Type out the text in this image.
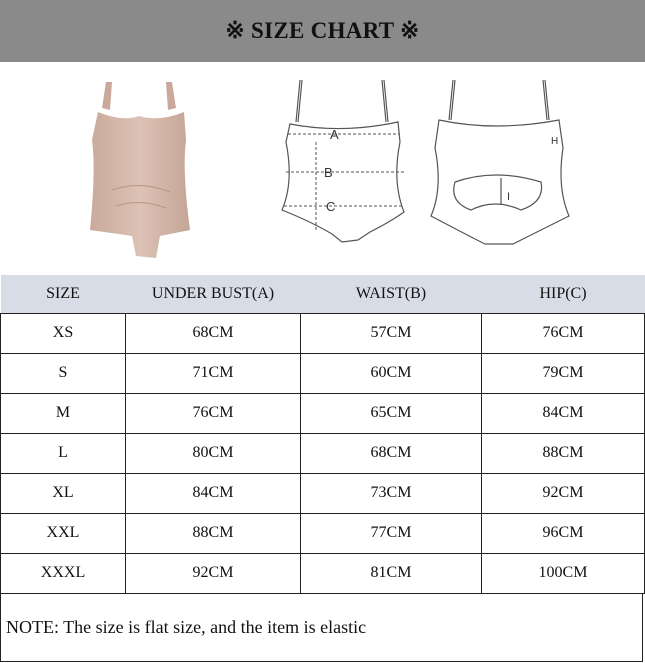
※ SIZE CHART ※
A
B
C
H
I
SIZE	UNDER BUST(A)	WAIST(B)	HIP(C)
XS	68CM	57CM	76CM
S	71CM	60CM	79CM
M	76CM	65CM	84CM
L	80CM	68CM	88CM
XL	84CM	73CM	92CM
XXL	88CM	77CM	96CM
XXXL	92CM	81CM	100CM
NOTE: The size is flat size, and the item is elastic
